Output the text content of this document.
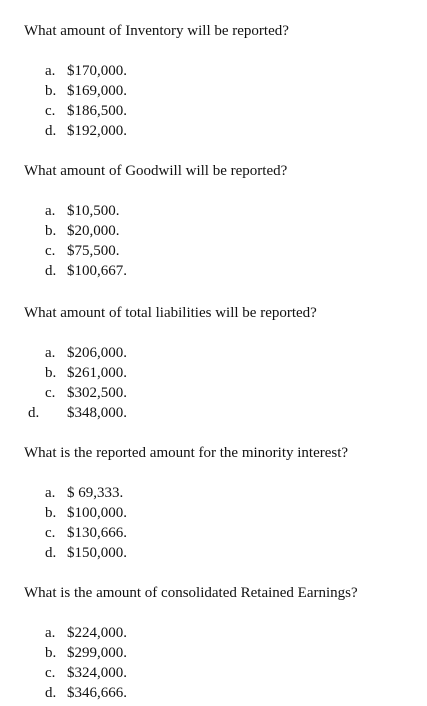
What amount of Inventory will be reported?
a. $170,000.
b. $169,000.
c. $186,500.
d. $192,000.
What amount of Goodwill will be reported?
a. $10,500.
b. $20,000.
c. $75,500.
d. $100,667.
What amount of total liabilities will be reported?
a. $206,000.
b. $261,000.
c. $302,500.
d. $348,000.
What is the reported amount for the minority interest?
a. $ 69,333.
b. $100,000.
c. $130,666.
d. $150,000.
What is the amount of consolidated Retained Earnings?
a. $224,000.
b. $299,000.
c. $324,000.
d. $346,666.
